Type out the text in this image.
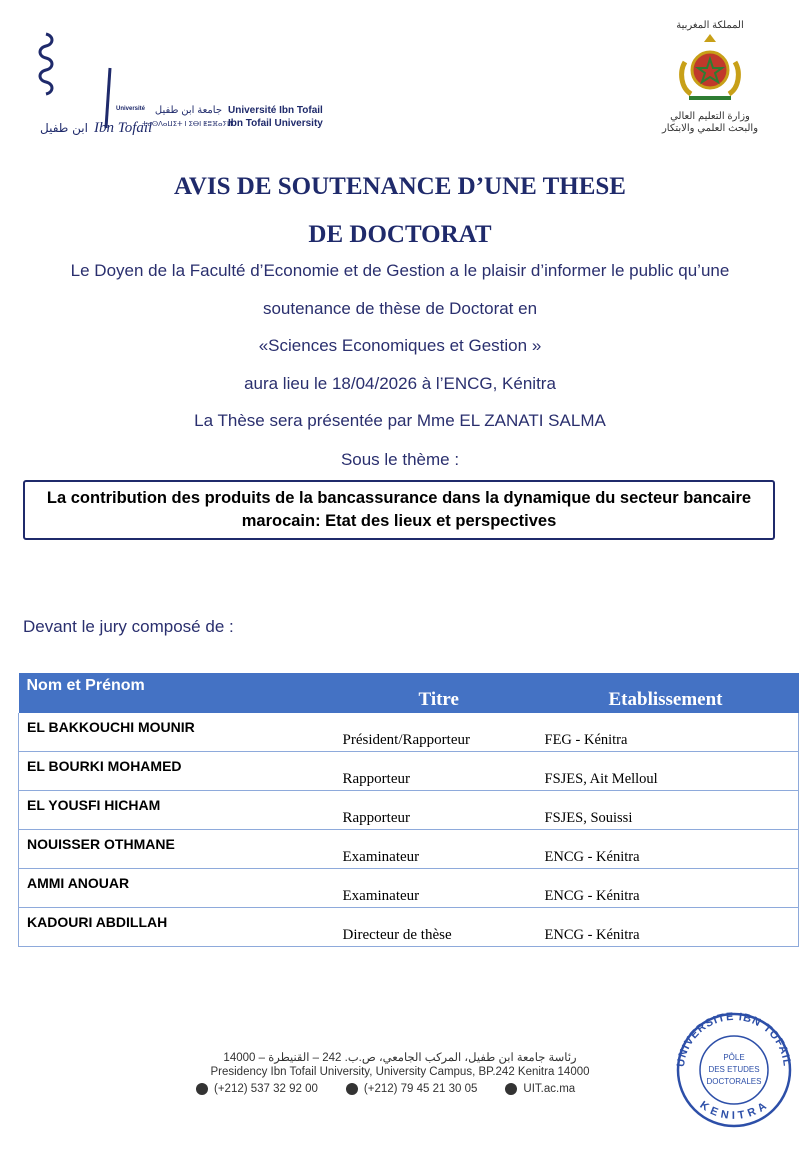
Ibn Tofail
ابن طفيل
Université جامعة ابن طفيل Université Ibn Tofail
ⵜⴰⵙⴷⴰⵡⵉⵜ ⵏ ⵉⴱⵏ ⵟⵓⴼⴰⵢⵍIbn Tofail University
المملكة المغربية
وزارة التعليم العالي
والبحث العلمي والابتكار
AVIS DE SOUTENANCE D’UNE THESE
DE DOCTORAT
Le Doyen de la Faculté d’Economie et de Gestion a le plaisir d’informer le public qu’une
soutenance de thèse de Doctorat en
«Sciences Economiques et Gestion »
aura lieu le 18/04/2026 à l’ENCG, Kénitra
La Thèse sera présentée par Mme EL ZANATI SALMA
Sous le thème :
La contribution des produits de la bancassurance dans la dynamique du secteur bancaire marocain: Etat des lieux et perspectives
Devant le jury composé de :
Nom et Prénom	Titre	Etablissement
EL BAKKOUCHI MOUNIR	Président/Rapporteur	FEG - Kénitra
EL BOURKI MOHAMED	Rapporteur	FSJES, Ait Melloul
EL YOUSFI HICHAM	Rapporteur	FSJES, Souissi
NOUISSER OTHMANE	Examinateur	ENCG - Kénitra
AMMI ANOUAR	Examinateur	ENCG - Kénitra
KADOURI ABDILLAH	Directeur de thèse	ENCG - Kénitra
رئاسة جامعة ابن طفيل، المركب الجامعي، ص.ب. 242 – القنيطرة – 14000
Presidency Ibn Tofail University, University Campus, BP.242 Kenitra 14000
(+212) 537 32 92 00	(+212) 79 45 21 30 05	UIT.ac.ma
UNIVERSITE IBN TOFAIL
KENITRA
PÔLE
DES ETUDES
DOCTORALES
